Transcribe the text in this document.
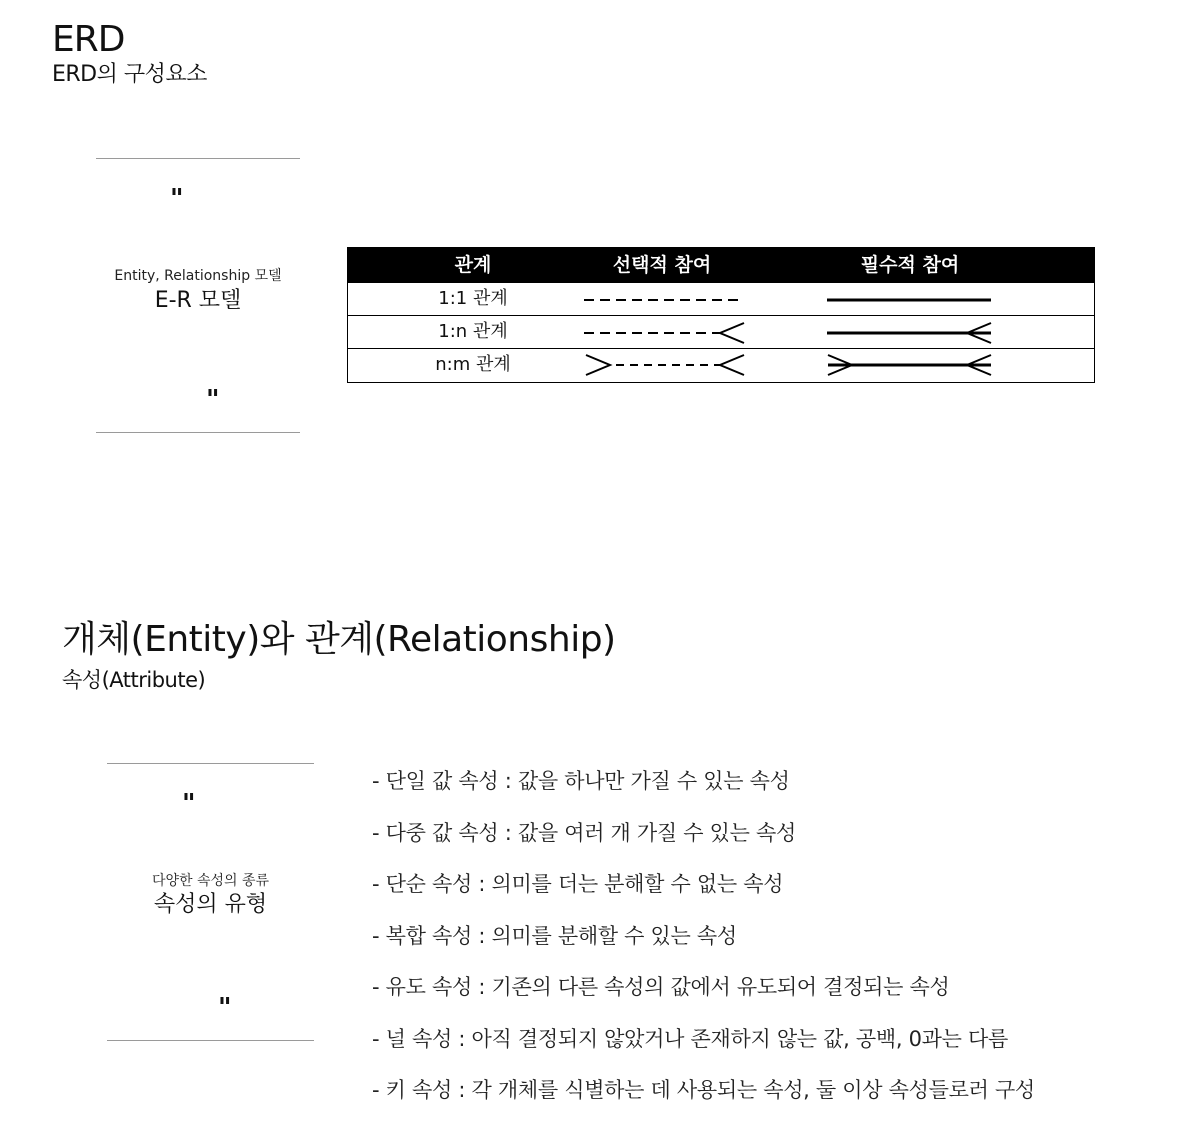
ERD
ERD의 구성요소
"
Entity, Relationship 모델
E-R 모델
"
관계	선택적 참여	필수적 참여
1:1 관계
1:n 관계
n:m 관계
개체(Entity)와 관계(Relationship)
속성(Attribute)
"
다양한 속성의 종류
속성의 유형
"
- 단일 값 속성 : 값을 하나만 가질 수 있는 속성
- 다중 값 속성 : 값을 여러 개 가질 수 있는 속성
- 단순 속성 : 의미를 더는 분해할 수 없는 속성
- 복합 속성 : 의미를 분해할 수 있는 속성
- 유도 속성 : 기존의 다른 속성의 값에서 유도되어 결정되는 속성
- 널 속성 : 아직 결정되지 않았거나 존재하지 않는 값, 공백, 0과는 다름
- 키 속성 : 각 개체를 식별하는 데 사용되는 속성, 둘 이상 속성들로러 구성
